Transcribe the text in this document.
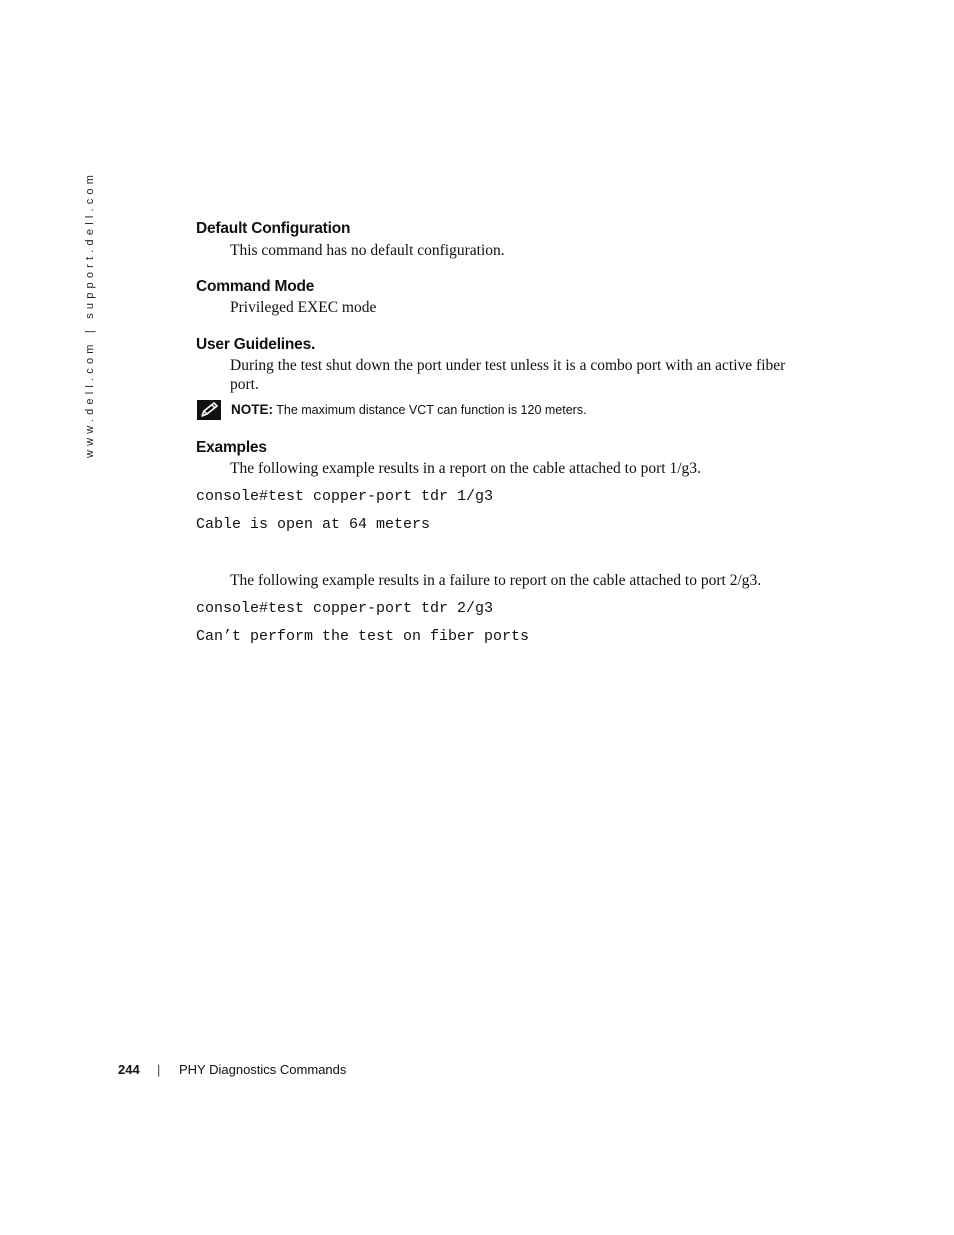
www.dell.com | support.dell.com	Default Configuration

This command has no default configuration.

Command Mode

Privileged EXEC mode

User Guidelines.

During the test shut down the port under test unless it is a combo port with an active fiber

port.

NOTE: The maximum distance VCT can function is 120 meters.

Examples

The following example results in a report on the cable attached to port 1/g3.

console#test copper-port tdr 1/g3

Cable is open at 64 meters

The following example results in a failure to report on the cable attached to port 2/g3.

console#test copper-port tdr 2/g3

Can’t perform the test on fiber ports

244 | PHY Diagnostics Commands
